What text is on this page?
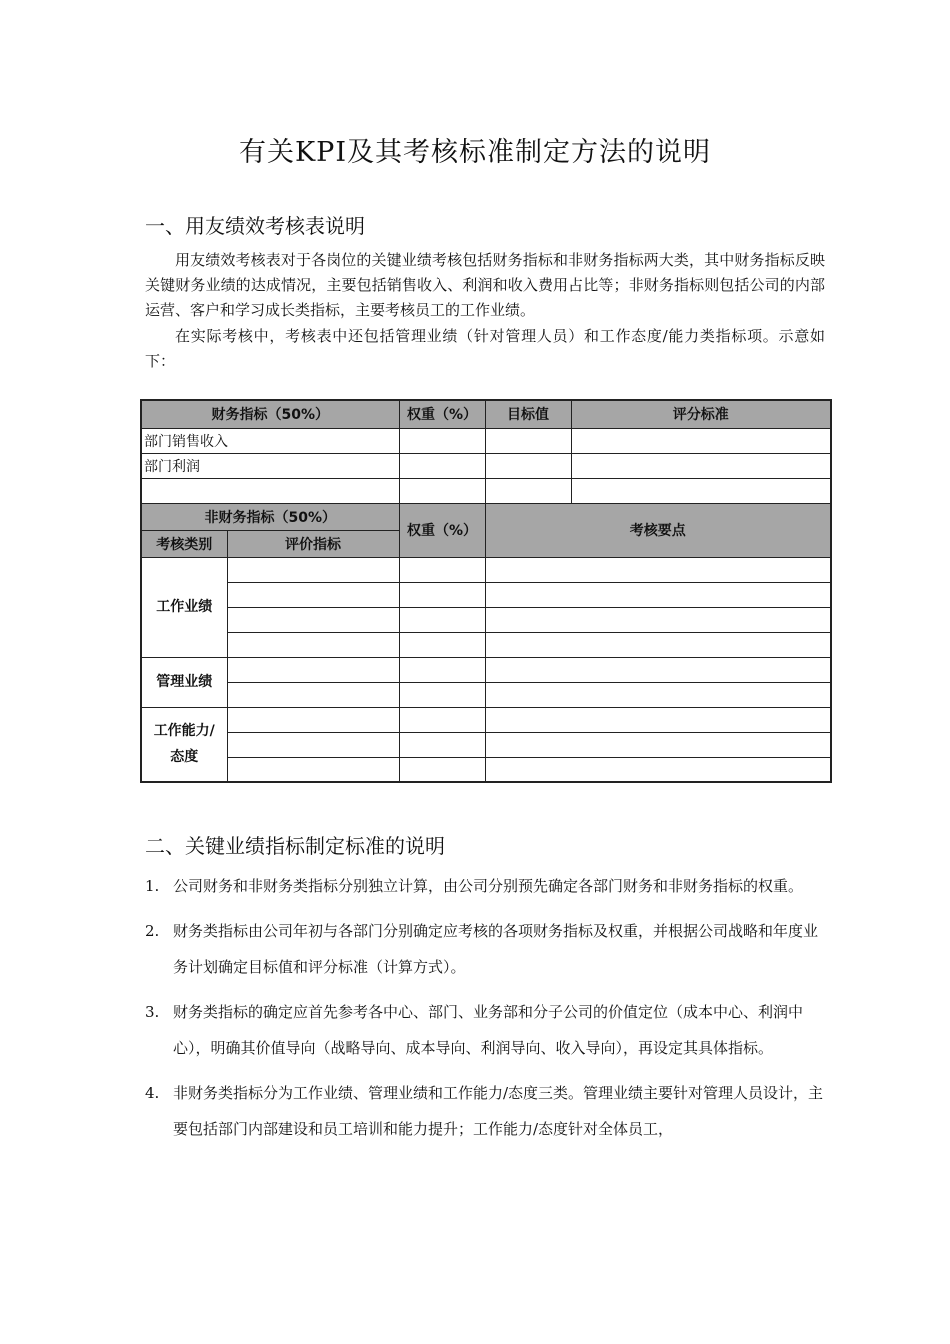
有关KPI及其考核标准制定方法的说明
一、用友绩效考核表说明

用友绩效考核表对于各岗位的关键业绩考核包括财务指标和非财务指标两大类，其中财务指标反映关键财务业绩的达成情况，主要包括销售收入、利润和收入费用占比等；非财务指标则包括公司的内部运营、客户和学习成长类指标，主要考核员工的工作业绩。

在实际考核中，考核表中还包括管理业绩（针对管理人员）和工作态度/能力类指标项。示意如下：

财务指标（50%）		权重（%）	目标值	评分标准
部门销售收入				
部门利润				

非财务指标（50%）		权重（%）	考核要点	
考核类别	评价指标			
工作业绩				

管理业绩				

工作能力/
态度				

二、关键业绩指标制定标准的说明
1. 公司财务和非财务类指标分别独立计算，由公司分别预先确定各部门财务和非财务指标的权重。
2. 财务类指标由公司年初与各部门分别确定应考核的各项财务指标及权重，并根据公司战略和年度业务计划确定目标值和评分标准（计算方式）。
3. 财务类指标的确定应首先参考各中心、部门、业务部和分子公司的价值定位（成本中心、利润中心），明确其价值导向（战略导向、成本导向、利润导向、收入导向），再设定其具体指标。
4. 非财务类指标分为工作业绩、管理业绩和工作能力/态度三类。管理业绩主要针对管理人员设计，主要包括部门内部建设和员工培训和能力提升；工作能力/态度针对全体员工，
